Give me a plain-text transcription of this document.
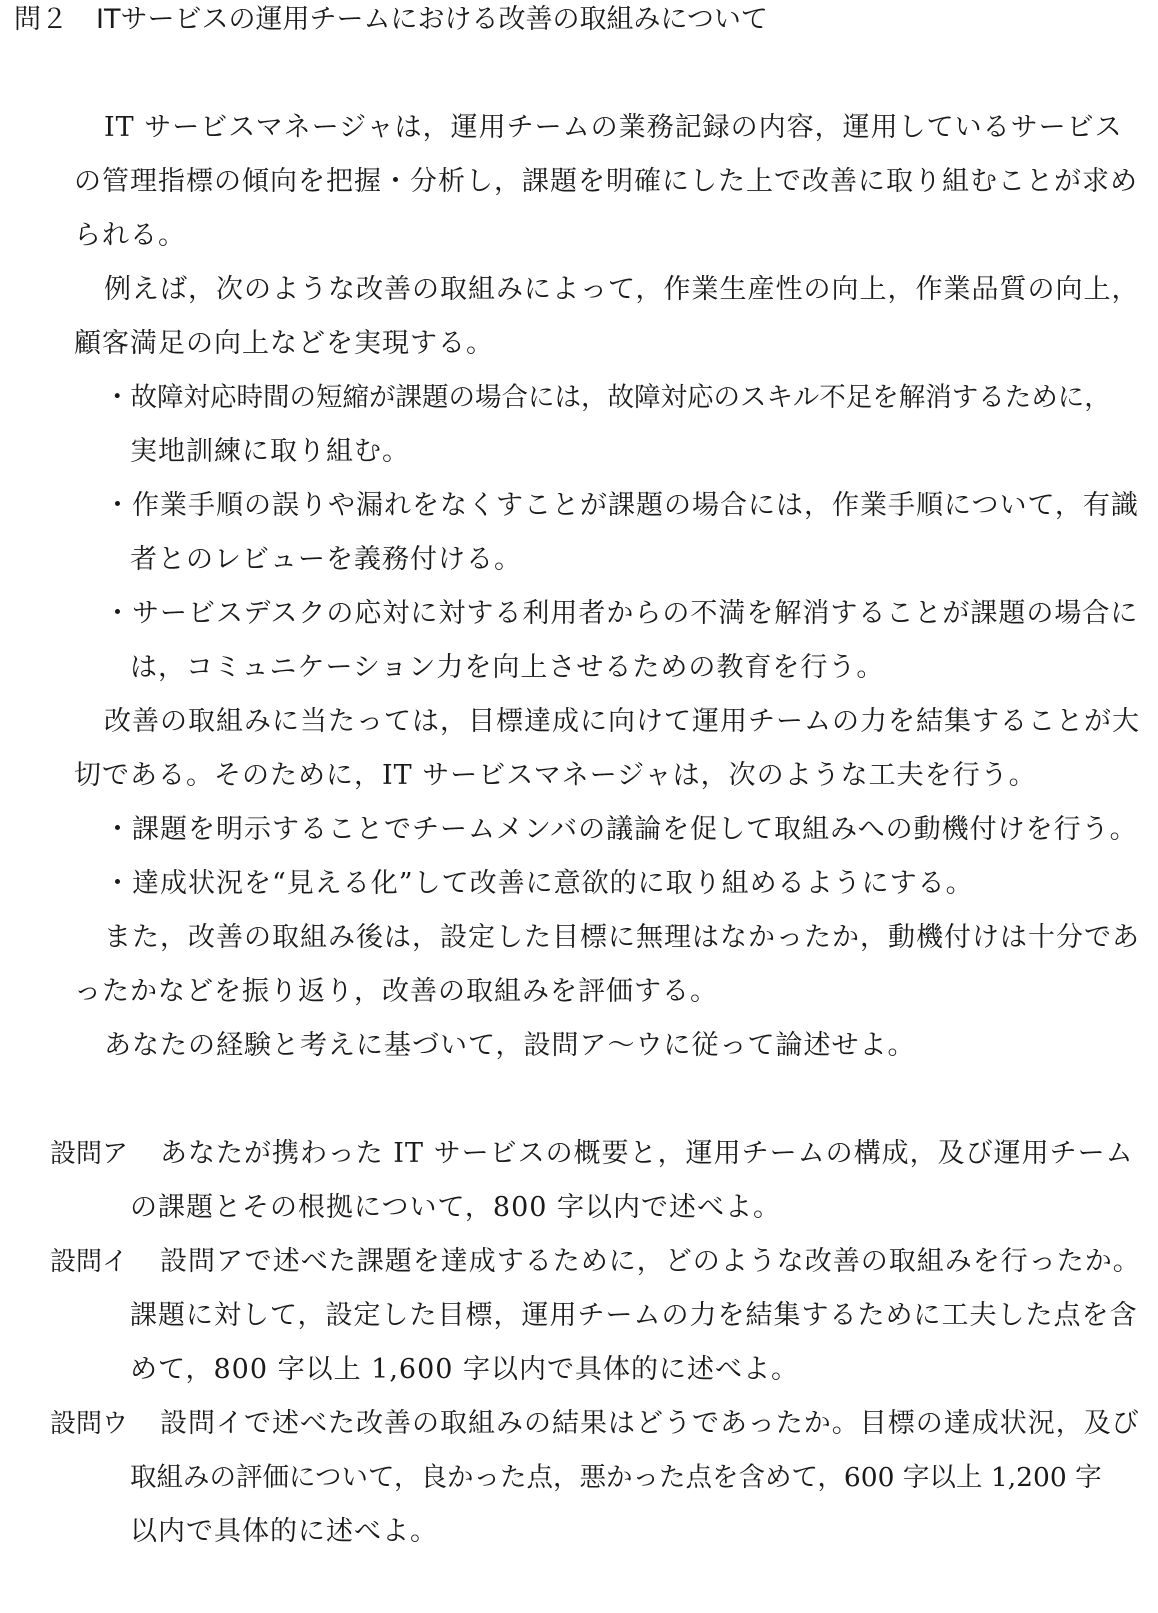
問２ ITサービスの運用チームにおける改善の取組みについて
IT サービスマネージャは，運用チームの業務記録の内容，運用しているサービス
の管理指標の傾向を把握・分析し，課題を明確にした上で改善に取り組むことが求め
られる。
例えば，次のような改善の取組みによって，作業生産性の向上，作業品質の向上，
顧客満足の向上などを実現する。
・故障対応時間の短縮が課題の場合には，故障対応のスキル不足を解消するために，
実地訓練に取り組む。
・作業手順の誤りや漏れをなくすことが課題の場合には，作業手順について，有識
者とのレビューを義務付ける。
・サービスデスクの応対に対する利用者からの不満を解消することが課題の場合に
は，コミュニケーション力を向上させるための教育を行う。
改善の取組みに当たっては，目標達成に向けて運用チームの力を結集することが大
切である。そのために，IT サービスマネージャは，次のような工夫を行う。
・課題を明示することでチームメンバの議論を促して取組みへの動機付けを行う。
・達成状況を“見える化”して改善に意欲的に取り組めるようにする。
また，改善の取組み後は，設定した目標に無理はなかったか，動機付けは十分であ
ったかなどを振り返り，改善の取組みを評価する。
あなたの経験と考えに基づいて，設問ア～ウに従って論述せよ。
設問ア あなたが携わった IT サービスの概要と，運用チームの構成，及び運用チーム
の課題とその根拠について，800 字以内で述べよ。
設問イ 設問アで述べた課題を達成するために，どのような改善の取組みを行ったか。
課題に対して，設定した目標，運用チームの力を結集するために工夫した点を含
めて，800 字以上 1,600 字以内で具体的に述べよ。
設問ウ 設問イで述べた改善の取組みの結果はどうであったか。目標の達成状況，及び
取組みの評価について，良かった点，悪かった点を含めて，600 字以上 1,200 字
以内で具体的に述べよ。
